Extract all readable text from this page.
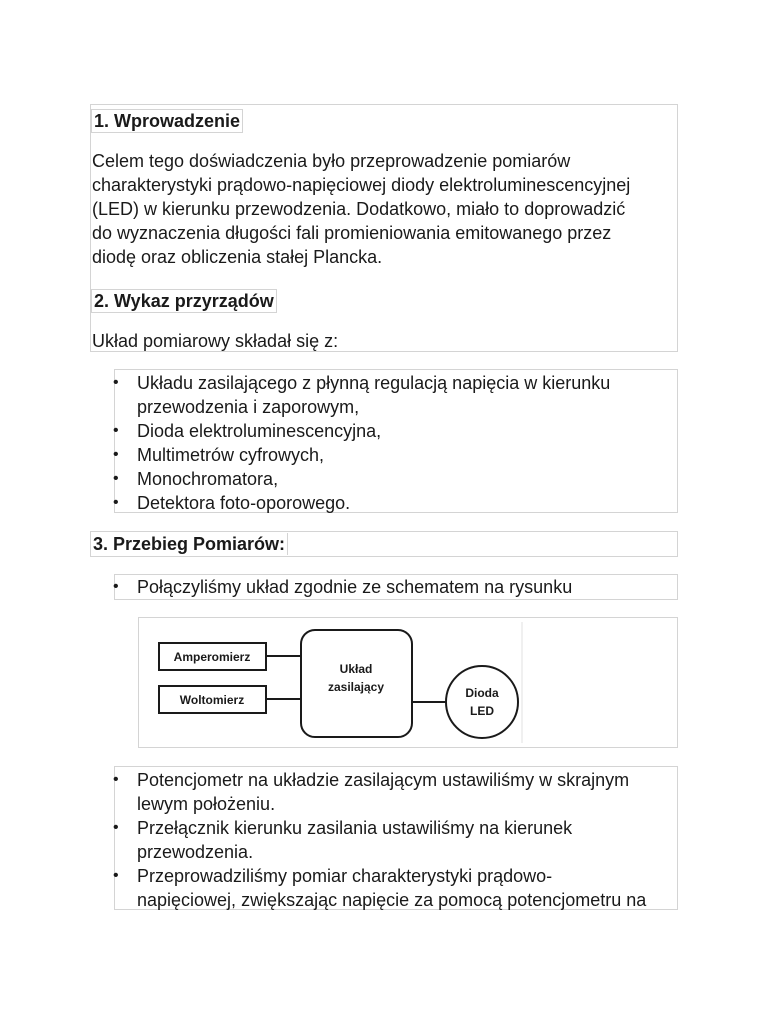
1. Wprowadzenie

Celem tego doświadczenia było przeprowadzenie pomiarów

charakterystyki prądowo-napięciowej diody elektroluminescencyjnej

(LED) w kierunku przewodzenia. Dodatkowo, miało to doprowadzić

do wyznaczenia długości fali promieniowania emitowanego przez

diodę oraz obliczenia stałej Plancka.

2. Wykaz przyrządów

Układ pomiarowy składał się z:

• Układu zasilającego z płynną regulacją napięcia w kierunku
przewodzenia i zaporowym,
• Dioda elektroluminescencyjna,
• Multimetrów cyfrowych,
• Monochromatora,
• Detektora foto-oporowego.
3. Przebieg Pomiarów:
• Połączyliśmy układ zgodnie ze schematem na rysunku
Amperomierz
Woltomierz
Układ
zasilający	Dioda
LED
• Potencjometr na układzie zasilającym ustawiliśmy w skrajnym
lewym położeniu.
• Przełącznik kierunku zasilania ustawiliśmy na kierunek
przewodzenia.
• Przeprowadziliśmy pomiar charakterystyki prądowo-
napięciowej, zwiększając napięcie za pomocą potencjometru na
